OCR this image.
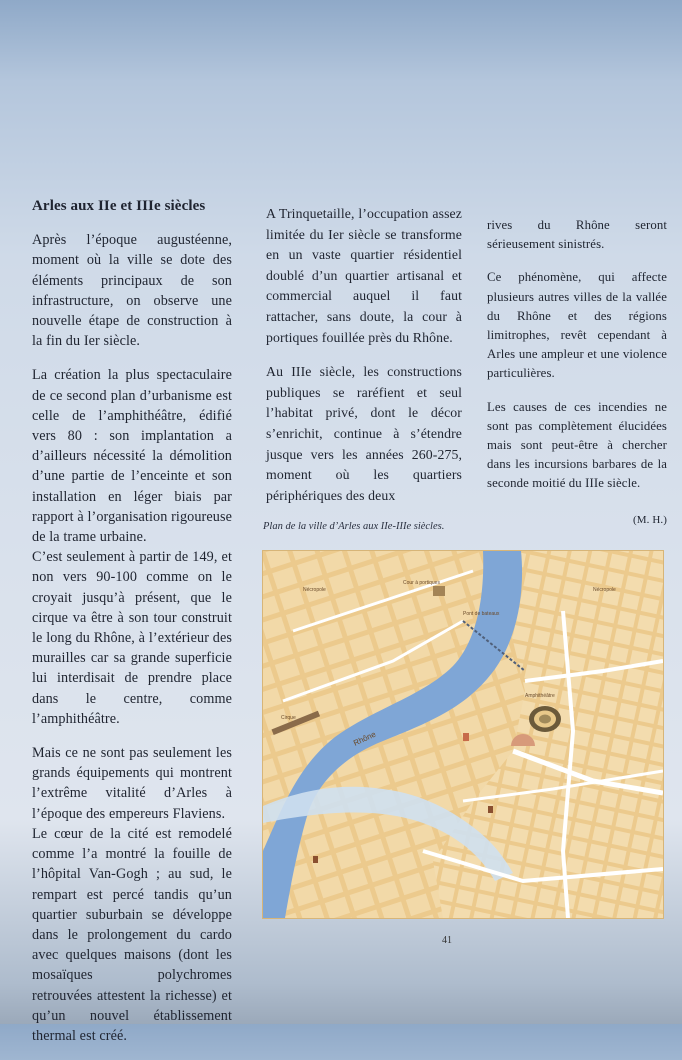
Arles aux IIe et IIIe siècles

Après l’époque augustéenne, moment où la ville se dote des éléments principaux de son infrastructure, on observe une nouvelle étape de construction à la fin du Ier siècle.

La création la plus spectaculaire de ce second plan d’urbanisme est celle de l’amphithéâtre, édifié vers 80 : son implantation a d’ailleurs nécessité la démolition d’une partie de l’enceinte et son installation en léger biais par rapport à l’organisation rigoureuse de la trame urbaine.

C’est seulement à partir de 149, et non vers 90-100 comme on le croyait jusqu’à présent, que le cirque va être à son tour construit le long du Rhône, à l’extérieur des murailles car sa grande superficie lui interdisait de prendre place dans le centre, comme l’amphithéâtre.

Mais ce ne sont pas seulement les grands équipements qui montrent l’extrême vitalité d’Arles à l’époque des empereurs Flaviens.

Le cœur de la cité est remodelé comme l’a montré la fouille de l’hôpital Van-Gogh ; au sud, le rempart est percé tandis qu’un quartier suburbain se développe dans le prolongement du cardo avec quelques maisons (dont les mosaïques polychromes retrouvées attestent la richesse) et qu’un nouvel établissement thermal est créé.

A Trinquetaille, l’occupation assez limitée du Ier siècle se transforme en un vaste quartier résidentiel doublé d’un quartier artisanal et commercial auquel il faut rattacher, sans doute, la cour à portiques fouillée près du Rhône.

Au IIIe siècle, les constructions publiques se raréfient et seul l’habitat privé, dont le décor s’enrichit, continue à s’étendre jusque vers les années 260-275, moment où les quartiers périphériques des deux

rives du Rhône seront sérieusement sinistrés.

Ce phénomène, qui affecte plusieurs autres villes de la vallée du Rhône et des régions limitrophes, revêt cependant à Arles une ampleur et une violence particulières.

Les causes de ces incendies ne sont pas complètement élucidées mais sont peut-être à chercher dans les incursions barbares de la seconde moitié du IIIe siècle.

(M. H.)

Plan de la ville d’Arles aux IIe-IIIe siècles.
Rhône
Pont de bateaux
Amphithéâtre
Cirque
Cour à portiques
Nécropole	Nécropole
41
